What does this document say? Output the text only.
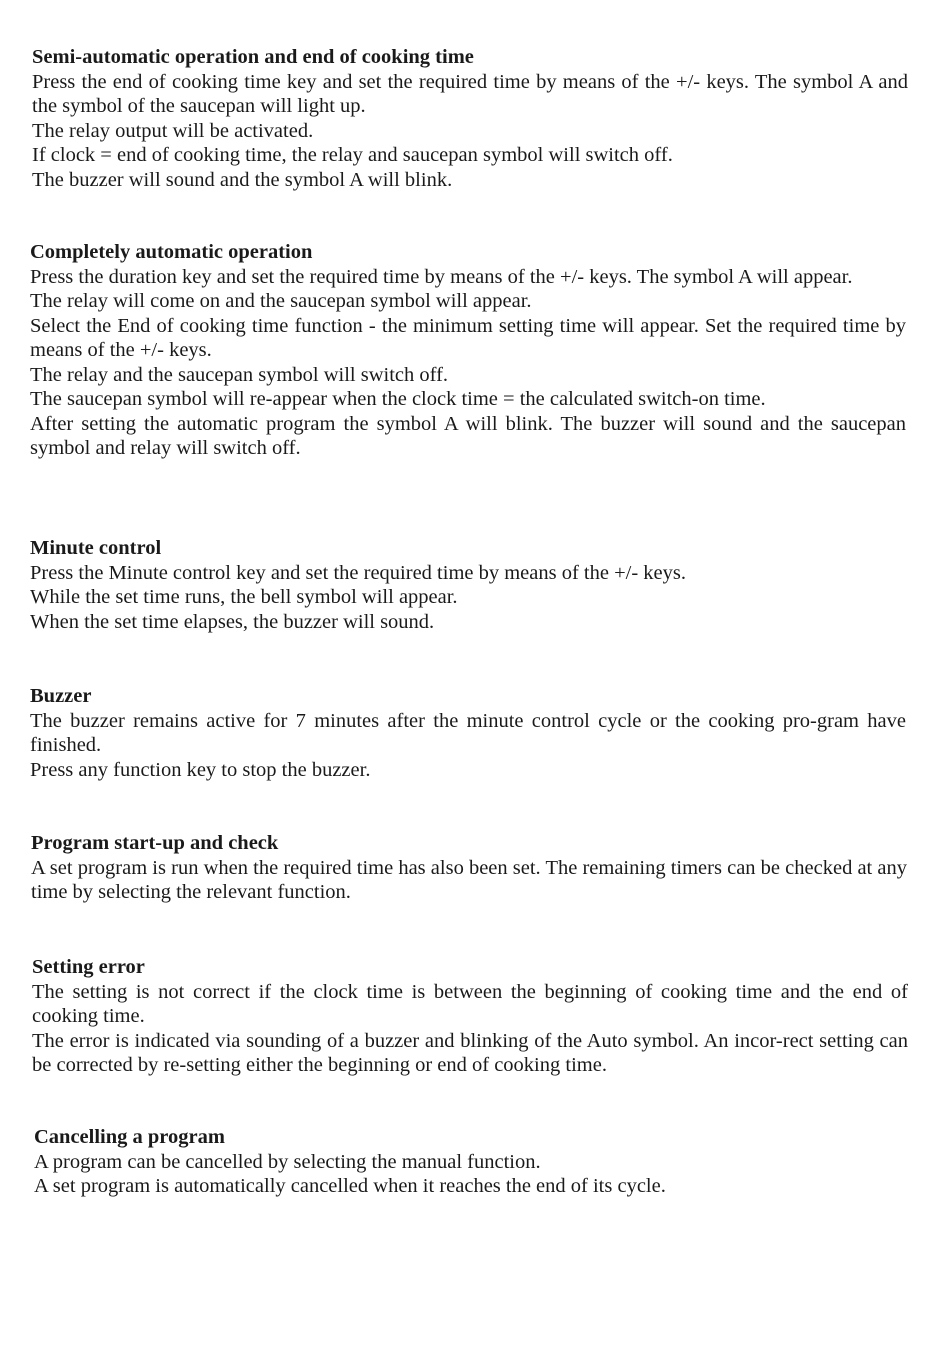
Semi-automatic operation and end of cooking time

Press the end of cooking time key and set the required time by means of the +/- keys. The symbol A and the symbol of the saucepan will light up.

The relay output will be activated.

If clock = end of cooking time, the relay and saucepan symbol will switch off.

The buzzer will sound and the symbol A will blink.

Completely automatic operation

Press the duration key and set the required time by means of the +/- keys. The symbol A will appear.

The relay will come on and the saucepan symbol will appear.

Select the End of cooking time function - the minimum setting time will appear. Set the required time by means of the +/- keys.

The relay and the saucepan symbol will switch off.

The saucepan symbol will re-appear when the clock time = the calculated switch-on time.

After setting the automatic program the symbol A will blink. The buzzer will sound and the saucepan symbol and relay will switch off.

Minute control

Press the Minute control key and set the required time by means of the +/- keys.

While the set time runs, the bell symbol will appear.

When the set time elapses, the buzzer will sound.

Buzzer

The buzzer remains active for 7 minutes after the minute control cycle or the cooking pro-gram have finished.

Press any function key to stop the buzzer.

Program start-up and check

A set program is run when the required time has also been set. The remaining timers can be checked at any time by selecting the relevant function.

Setting error

The setting is not correct if the clock time is between the beginning of cooking time and the end of cooking time.

The error is indicated via sounding of a buzzer and blinking of the Auto symbol. An incor-rect setting can be corrected by re-setting either the beginning or end of cooking time.

Cancelling a program

A program can be cancelled by selecting the manual function.

A set program is automatically cancelled when it reaches the end of its cycle.
